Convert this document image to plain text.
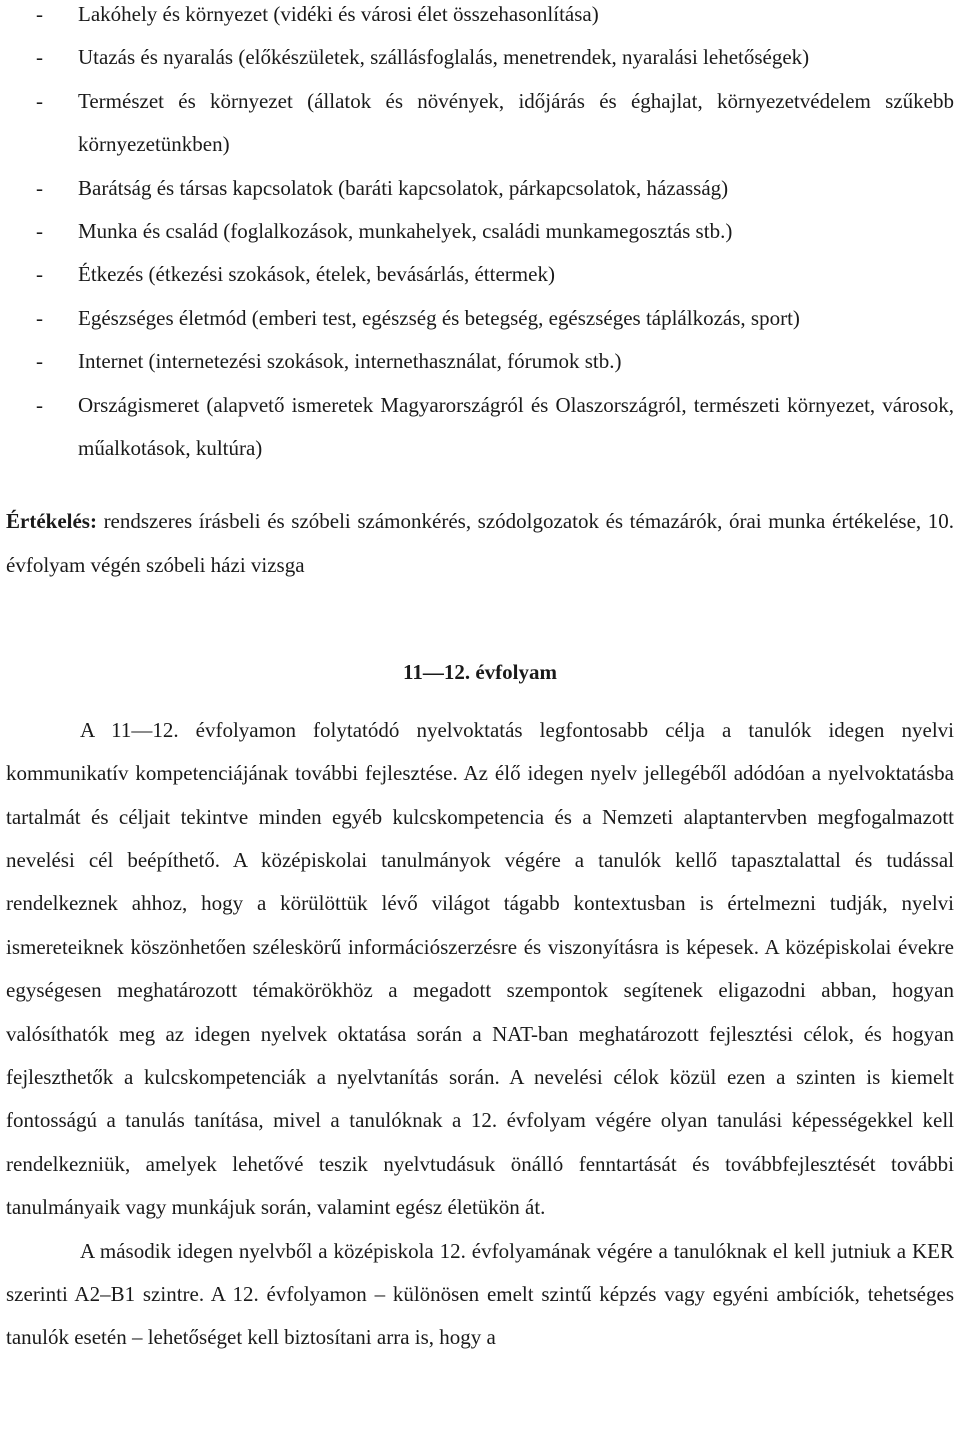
- Lakóhely és környezet (vidéki és városi élet összehasonlítása)
- Utazás és nyaralás (előkészületek, szállásfoglalás, menetrendek, nyaralási lehetőségek)
- Természet és környezet (állatok és növények, időjárás és éghajlat, környezetvédelem szűkebb környezetünkben)
- Barátság és társas kapcsolatok (baráti kapcsolatok, párkapcsolatok, házasság)
- Munka és család (foglalkozások, munkahelyek, családi munkamegosztás stb.)
- Étkezés (étkezési szokások, ételek, bevásárlás, éttermek)
- Egészséges életmód (emberi test, egészség és betegség, egészséges táplálkozás, sport)
- Internet (internetezési szokások, internethasználat, fórumok stb.)
- Országismeret (alapvető ismeretek Magyarországról és Olaszországról, természeti környezet, városok, műalkotások, kultúra)

Értékelés: rendszeres írásbeli és szóbeli számonkérés, szódolgozatok és témazárók, órai munka értékelése, 10. évfolyam végén szóbeli házi vizsga

11—12. évfolyam

A 11—12. évfolyamon folytatódó nyelvoktatás legfontosabb célja a tanulók idegen nyelvi kommunikatív kompetenciájának további fejlesztése. Az élő idegen nyelv jellegéből adódóan a nyelvoktatásba tartalmát és céljait tekintve minden egyéb kulcskompetencia és a Nemzeti alaptantervben megfogalmazott nevelési cél beépíthető. A középiskolai tanulmányok végére a tanulók kellő tapasztalattal és tudással rendelkeznek ahhoz, hogy a körülöttük lévő világot tágabb kontextusban is értelmezni tudják, nyelvi ismereteiknek köszönhetően széleskörű információszerzésre és viszonyításra is képesek. A középiskolai évekre egységesen meghatározott témakörökhöz a megadott szempontok segítenek eligazodni abban, hogyan valósíthatók meg az idegen nyelvek oktatása során a NAT-ban meghatározott fejlesztési célok, és hogyan fejleszthetők a kulcskompetenciák a nyelvtanítás során. A nevelési célok közül ezen a szinten is kiemelt fontosságú a tanulás tanítása, mivel a tanulóknak a 12. évfolyam végére olyan tanulási képességekkel kell rendelkezniük, amelyek lehetővé teszik nyelvtudásuk önálló fenntartását és továbbfejlesztését további tanulmányaik vagy munkájuk során, valamint egész életükön át.

A második idegen nyelvből a középiskola 12. évfolyamának végére a tanulóknak el kell jutniuk a KER szerinti A2–B1 szintre. A 12. évfolyamon – különösen emelt szintű képzés vagy egyéni ambíciók, tehetséges tanulók esetén – lehetőséget kell biztosítani arra is, hogy a
